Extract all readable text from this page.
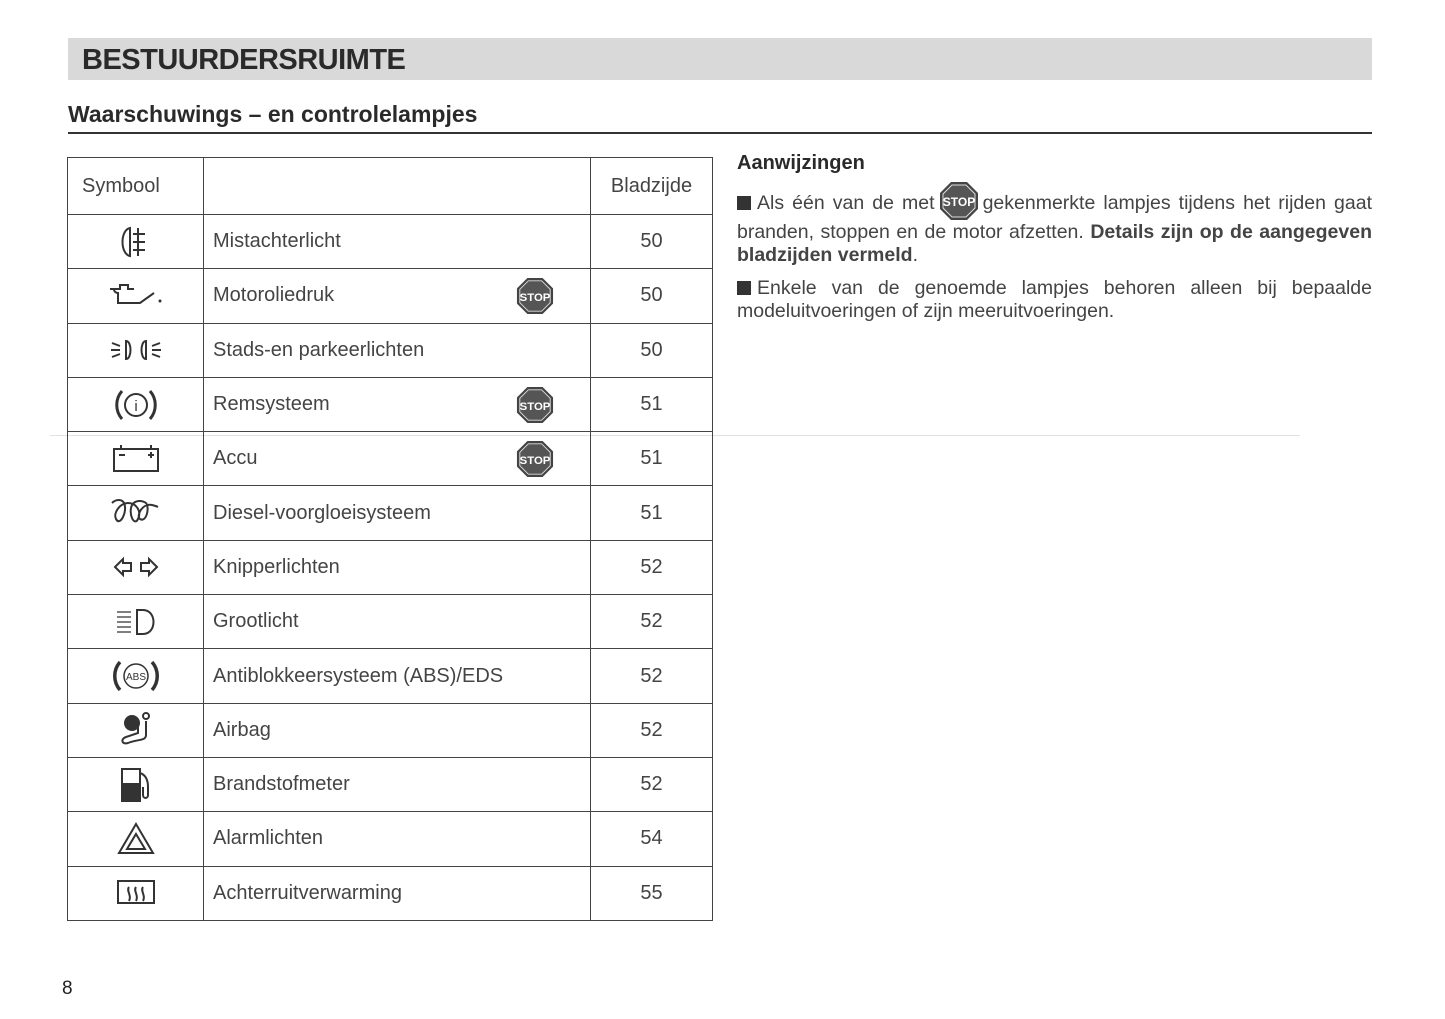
BESTUURDERSRUIMTE
Waarschuwings – en controlelampjes
Symbool		Bladzijde

	Mistachterlicht	50

	Motoroliedruk STOP	50

	Stads-en parkeerlichten	50

i	Remsysteem STOP	51

	Accu STOP	51

	Diesel-voorgloeisysteem	51

	Knipperlichten	52

	Grootlicht	52

ABS	Antiblokkeersysteem (ABS)/EDS	52

	Airbag	52

	Brandstofmeter	52

	Alarmlichten	54

	Achterruitverwarming	55
Aanwijzingen

Als één van de met STOP gekenmerkte lampjes tijdens het rijden gaat branden, stoppen en de motor afzetten. Details zijn op de aangegeven bladzijden vermeld.

Enkele van de genoemde lampjes behoren alleen bij bepaalde modeluitvoeringen of zijn meeruitvoeringen.

8
